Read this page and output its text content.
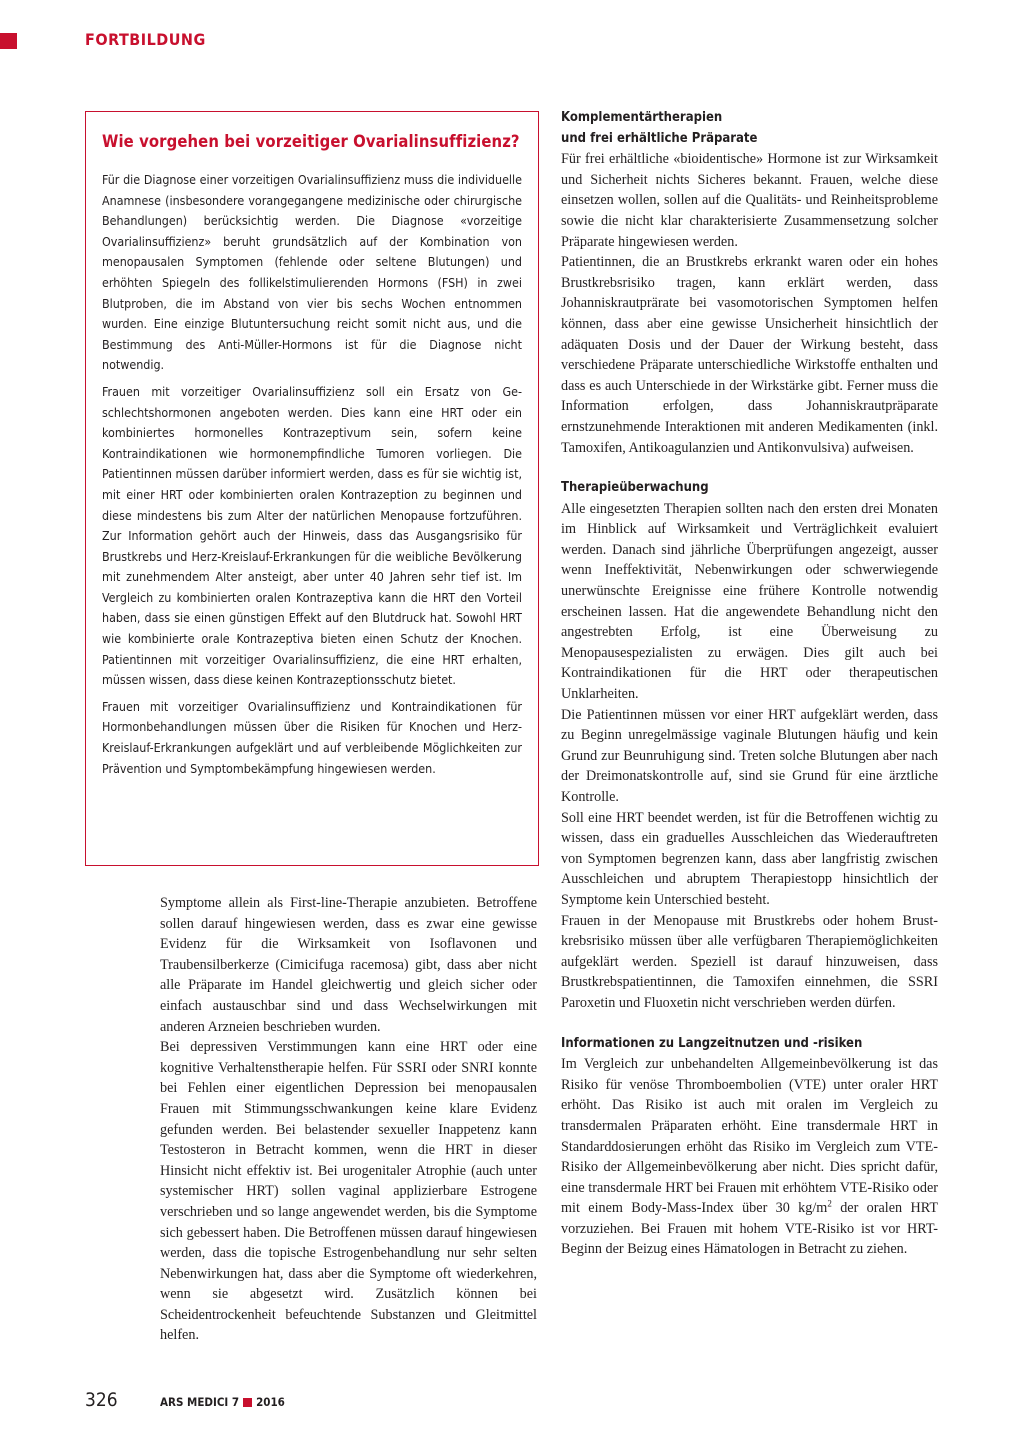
FORTBILDUNG
Wie vorgehen bei vorzeitiger Ovarialinsuffizienz?

Für die Diagnose einer vorzeitigen Ovarialinsuffizienz muss die individuelle Anamnese (insbesondere vorangegangene medizinische oder chirurgische Behandlungen) berücksichtig werden. Die Diagnose «vorzeitige Ovarialinsuffizienz» beruht grundsätzlich auf der Kombination von menopausalen Symptomen (fehlende oder seltene Blutungen) und erhöhten Spiegeln des follikelstimulierenden Hormons (FSH) in zwei Blutproben, die im Abstand von vier bis sechs Wochen entnommen wurden. Eine einzige Blutuntersuchung reicht somit nicht aus, und die Bestimmung des Anti-Müller-Hormons ist für die Diagnose nicht notwendig.

Frauen mit vorzeitiger Ovarialinsuffizienz soll ein Ersatz von Geschlechtshormonen angeboten werden. Dies kann eine HRT oder ein kombiniertes hormonelles Kontrazeptivum sein, sofern keine Kontraindikationen wie hormonempfindliche Tumoren vorliegen. Die Patientinnen müssen darüber informiert werden, dass es für sie wichtig ist, mit einer HRT oder kombinierten oralen Kontrazeption zu beginnen und diese mindestens bis zum Alter der natürlichen Menopause fortzuführen. Zur Information gehört auch der Hinweis, dass das Ausgangsrisiko für Brustkrebs und Herz-Kreislauf-Erkrankungen für die weibliche Bevölkerung mit zunehmendem Alter ansteigt, aber unter 40 Jahren sehr tief ist. Im Vergleich zu kombinierten oralen Kontrazeptiva kann die HRT den Vorteil haben, dass sie einen günstigen Effekt auf den Blutdruck hat. Sowohl HRT wie kombinierte orale Kontrazeptiva bieten einen Schutz der Knochen. Patientinnen mit vorzeitiger Ovarialinsuffizienz, die eine HRT erhalten, müssen wissen, dass diese keinen Kontrazeptionsschutz bietet.

Frauen mit vorzeitiger Ovarialinsuffizienz und Kontraindikationen für Hormonbehandlungen müssen über die Risiken für Knochen und Herz-Kreislauf-Erkrankungen aufgeklärt und auf verbleibende Möglichkeiten zur Prävention und Symptombekämpfung hingewiesen werden.

Symptome allein als First-line-Therapie anzubieten. Betroffene sollen darauf hingewiesen werden, dass es zwar eine gewisse Evidenz für die Wirksamkeit von Isoflavonen und Traubensilberkerze (Cimicifuga racemosa) gibt, dass aber nicht alle Präparate im Handel gleichwertig und gleich sicher oder einfach austauschbar sind und dass Wechselwirkungen mit anderen Arzneien beschrieben wurden.

Bei depressiven Verstimmungen kann eine HRT oder eine kognitive Verhaltenstherapie helfen. Für SSRI oder SNRI konnte bei Fehlen einer eigentlichen Depression bei menopausalen Frauen mit Stimmungsschwankungen keine klare Evidenz gefunden werden. Bei belastender sexueller Inappetenz kann Testosteron in Betracht kommen, wenn die HRT in dieser Hinsicht nicht effektiv ist. Bei urogenitaler Atrophie (auch unter systemischer HRT) sollen vaginal applizierbare Estrogene verschrieben und so lange angewendet werden, bis die Symptome sich gebessert haben. Die Betroffenen müssen darauf hingewiesen werden, dass die topische Estrogenbehandlung nur sehr selten Nebenwirkungen hat, dass aber die Symptome oft wiederkehren, wenn sie abgesetzt wird. Zusätzlich können bei Scheidentrockenheit befeuchtende Substanzen und Gleitmittel helfen.

Komplementärtherapien
und frei erhältliche Präparate

Für frei erhältliche «bioidentische» Hormone ist zur Wirksamkeit und Sicherheit nichts Sicheres bekannt. Frauen, welche diese einsetzen wollen, sollen auf die Qualitäts- und Reinheitsprobleme sowie die nicht klar charakterisierte Zusammensetzung solcher Präparate hingewiesen werden.

Patientinnen, die an Brustkrebs erkrankt waren oder ein hohes Brustkrebsrisiko tragen, kann erklärt werden, dass Johanniskrautprärate bei vasomotorischen Symptomen helfen können, dass aber eine gewisse Unsicherheit hinsichtlich der adäquaten Dosis und der Dauer der Wirkung besteht, dass verschiedene Präparate unterschiedliche Wirkstoffe enthalten und dass es auch Unterschiede in der Wirkstärke gibt. Ferner muss die Information erfolgen, dass Johanniskrautpräparate ernstzunehmende Interaktionen mit anderen Medikamenten (inkl. Tamoxifen, Antikoagulanzien und Antikonvulsiva) aufweisen.

Therapieüberwachung

Alle eingesetzten Therapien sollten nach den ersten drei Monaten im Hinblick auf Wirksamkeit und Verträglichkeit evaluiert werden. Danach sind jährliche Überprüfungen angezeigt, ausser wenn Ineffektivität, Nebenwirkungen oder schwerwiegende unerwünschte Ereignisse eine frühere Kontrolle notwendig erscheinen lassen. Hat die angewendete Behandlung nicht den angestrebten Erfolg, ist eine Überweisung zu Menopausespezialisten zu erwägen. Dies gilt auch bei Kontraindikationen für die HRT oder therapeutischen Unklarheiten.

Die Patientinnen müssen vor einer HRT aufgeklärt werden, dass zu Beginn unregelmässige vaginale Blutungen häufig und kein Grund zur Beunruhigung sind. Treten solche Blutungen aber nach der Dreimonatskontrolle auf, sind sie Grund für eine ärztliche Kontrolle.

Soll eine HRT beendet werden, ist für die Betroffenen wichtig zu wissen, dass ein graduelles Ausschleichen das Wiederauftreten von Symptomen begrenzen kann, dass aber langfristig zwischen Ausschleichen und abruptem Therapiestopp hinsichtlich der Symptome kein Unterschied besteht.

Frauen in der Menopause mit Brustkrebs oder hohem Brustkrebsrisiko müssen über alle verfügbaren Therapiemöglichkeiten aufgeklärt werden. Speziell ist darauf hinzuweisen, dass Brustkrebspatientinnen, die Tamoxifen einnehmen, die SSRI Paroxetin und Fluoxetin nicht verschrieben werden dürfen.

Informationen zu Langzeitnutzen und -risiken

Im Vergleich zur unbehandelten Allgemeinbevölkerung ist das Risiko für venöse Thromboembolien (VTE) unter oraler HRT erhöht. Das Risiko ist auch mit oralen im Vergleich zu transdermalen Präparaten erhöht. Eine transdermale HRT in Standarddosierungen erhöht das Risiko im Vergleich zum VTE-Risiko der Allgemeinbevölkerung aber nicht. Dies spricht dafür, eine transdermale HRT bei Frauen mit erhöhtem VTE-Risiko oder mit einem Body-Mass-Index über 30 $kg/m^2$ der oralen HRT vorzuziehen. Bei Frauen mit hohem VTE-Risiko ist vor HRT-Beginn der Beizug eines Hämatologen in Betracht zu ziehen.

326	ARS MEDICI 7 2016
